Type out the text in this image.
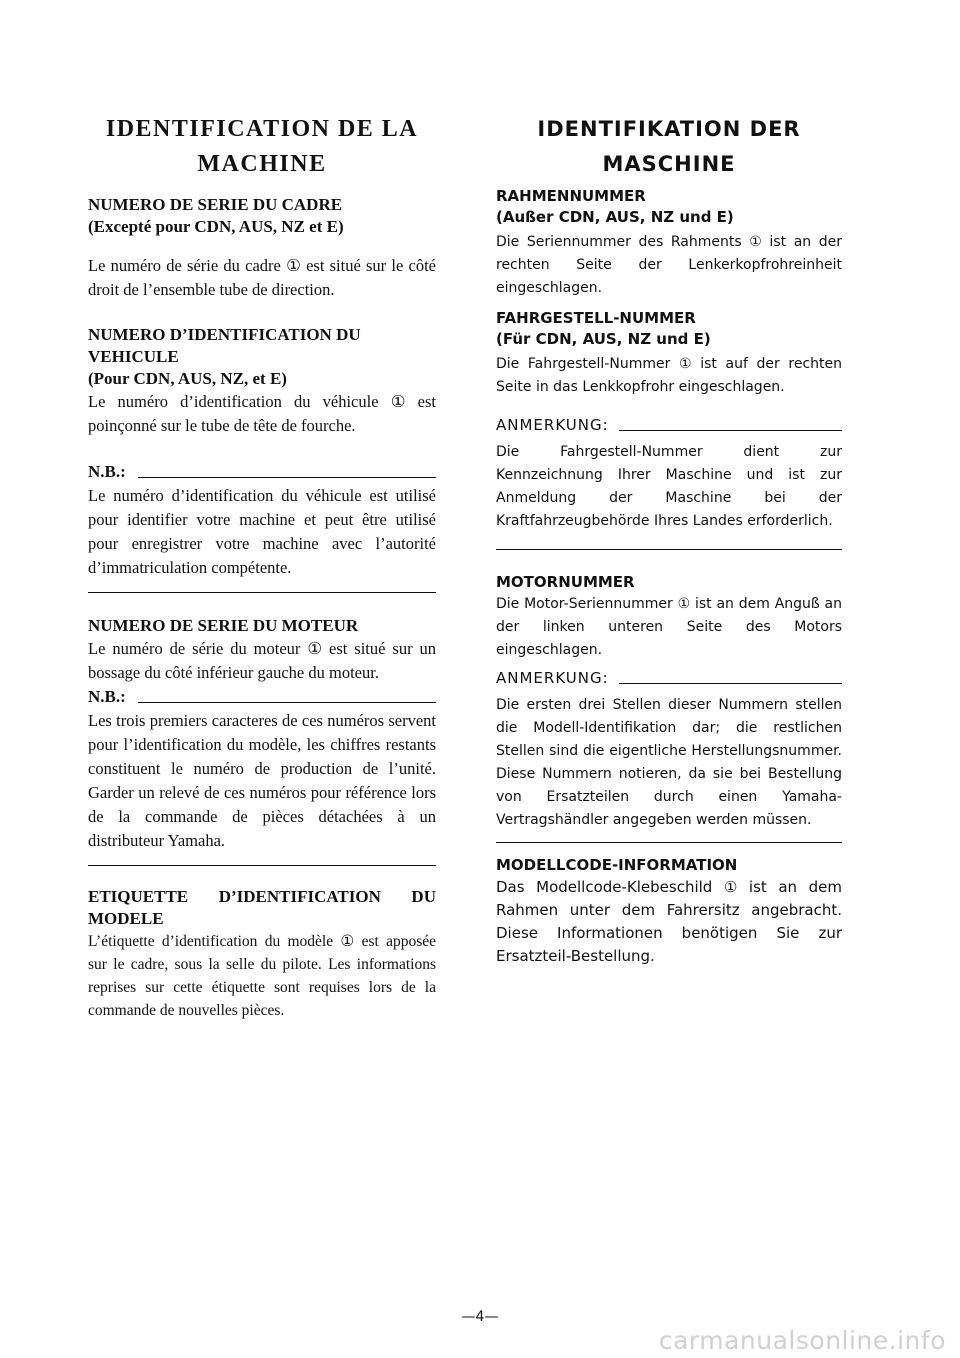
IDENTIFICATION DE LA
MACHINE
NUMERO DE SERIE DU CADRE
(Excepté pour CDN, AUS, NZ et E)

Le numéro de série du cadre ① est situé sur le côté droit de l’ensemble tube de direction.

NUMERO D’IDENTIFICATION DU
VEHICULE
(Pour CDN, AUS, NZ, et E)

Le numéro d’identification du véhicule ① est poinçonné sur le tube de tête de fourche.

N.B.:

Le numéro d’identification du véhicule est utilisé pour identifier votre machine et peut être utilisé pour enregistrer votre machine avec l’autorité d’immatriculation compétente.

NUMERO DE SERIE DU MOTEUR

Le numéro de série du moteur ① est situé sur un bossage du côté inférieur gauche du moteur.

N.B.:

Les trois premiers caracteres de ces numéros servent pour l’identification du modèle, les chiffres restants constituent le numéro de production de l’unité. Garder un relevé de ces numéros pour référence lors de la commande de pièces détachées à un distributeur Yamaha.

ETIQUETTE D’IDENTIFICATION DU
MODELE

L’étiquette d’identification du modèle ① est apposée sur le cadre, sous la selle du pilote. Les informations reprises sur cette étiquette sont requises lors de la commande de nouvelles pièces.

IDENTIFIKATION DER
MASCHINE
RAHMENNUMMER
(Außer CDN, AUS, NZ und E)

Die Seriennummer des Rahments ① ist an der rechten Seite der Lenkerkopfrohreinheit eingeschlagen.

FAHRGESTELL-NUMMER
(Für CDN, AUS, NZ und E)

Die Fahrgestell-Nummer ① ist auf der rechten Seite in das Lenkkopfrohr eingeschlagen.

ANMERKUNG:

Die Fahrgestell-Nummer dient zur Kennzeichnung Ihrer Maschine und ist zur Anmeldung der Maschine bei der Kraftfahrzeugbehörde Ihres Landes erforderlich.

MOTORNUMMER

Die Motor-Seriennummer ① ist an dem Anguß an der linken unteren Seite des Motors eingeschlagen.

ANMERKUNG:

Die ersten drei Stellen dieser Nummern stellen die Modell-Identifikation dar; die restlichen Stellen sind die eigentliche Herstellungsnummer. Diese Nummern notieren, da sie bei Bestellung von Ersatzteilen durch einen Yamaha-Vertragshändler angegeben werden müssen.

MODELLCODE-INFORMATION

Das Modellcode-Klebeschild ① ist an dem Rahmen unter dem Fahrersitz angebracht. Diese Informationen benötigen Sie zur Ersatzteil-Bestellung.

—4—
carmanualsonline.info
